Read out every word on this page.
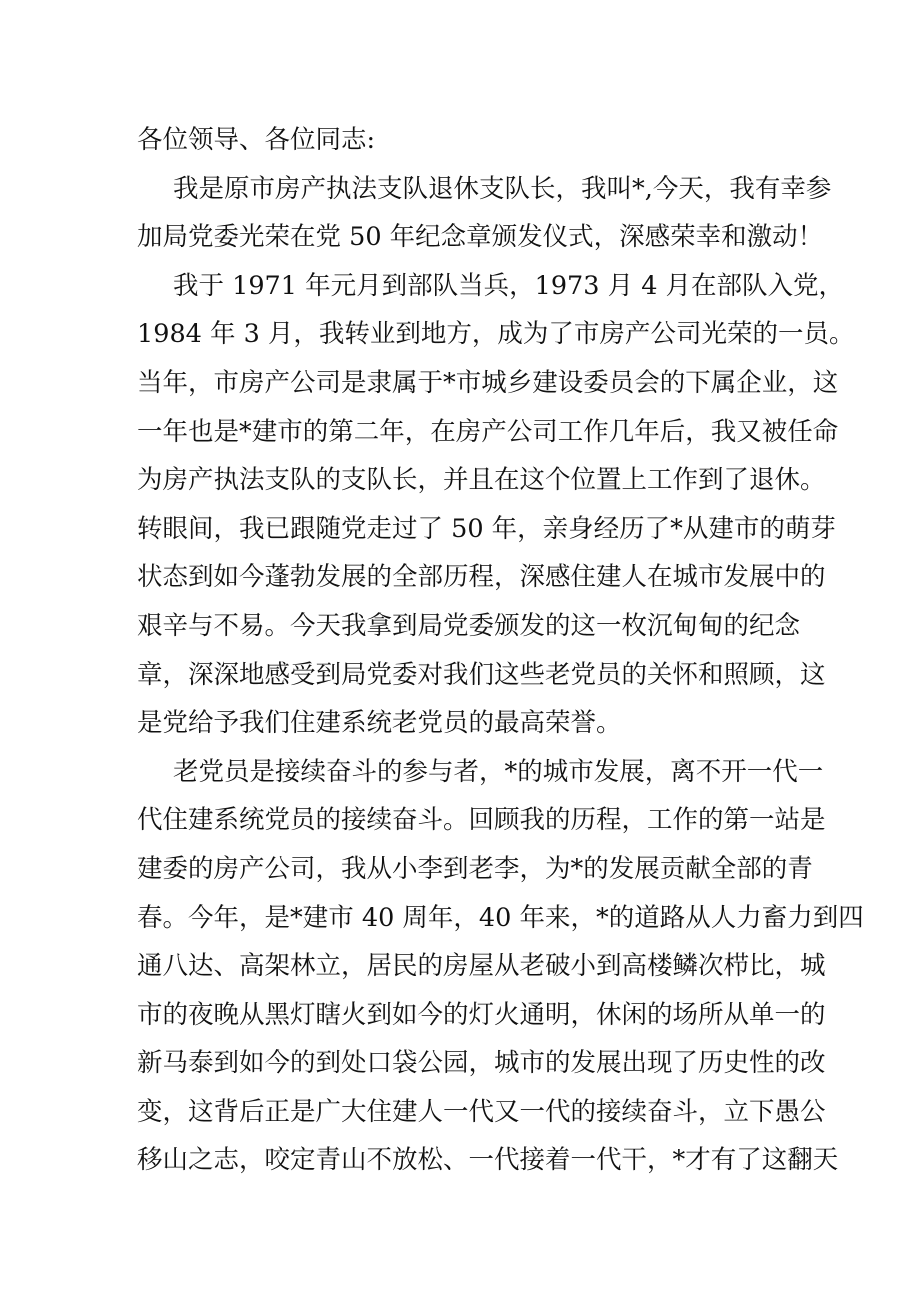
各位领导、各位同志:
我是原市房产执法支队退休支队长，我叫*,今天，我有幸参
加局党委光荣在党 50 年纪念章颁发仪式，深感荣幸和激动！
我于 1971 年元月到部队当兵，1973 月 4 月在部队入党，
1984 年 3 月，我转业到地方，成为了市房产公司光荣的一员。
当年，市房产公司是隶属于*市城乡建设委员会的下属企业，这
一年也是*建市的第二年，在房产公司工作几年后，我又被任命
为房产执法支队的支队长，并且在这个位置上工作到了退休。
转眼间，我已跟随党走过了 50 年，亲身经历了*从建市的萌芽
状态到如今蓬勃发展的全部历程，深感住建人在城市发展中的
艰辛与不易。今天我拿到局党委颁发的这一枚沉甸甸的纪念
章，深深地感受到局党委对我们这些老党员的关怀和照顾，这
是党给予我们住建系统老党员的最高荣誉。
老党员是接续奋斗的参与者，*的城市发展，离不开一代一
代住建系统党员的接续奋斗。回顾我的历程，工作的第一站是
建委的房产公司，我从小李到老李，为*的发展贡献全部的青
春。今年，是*建市 40 周年，40 年来，*的道路从人力畜力到四
通八达、高架林立，居民的房屋从老破小到高楼鳞次栉比，城
市的夜晚从黑灯瞎火到如今的灯火通明，休闲的场所从单一的
新马泰到如今的到处口袋公园，城市的发展出现了历史性的改
变，这背后正是广大住建人一代又一代的接续奋斗，立下愚公
移山之志，咬定青山不放松、一代接着一代干，*才有了这翻天
